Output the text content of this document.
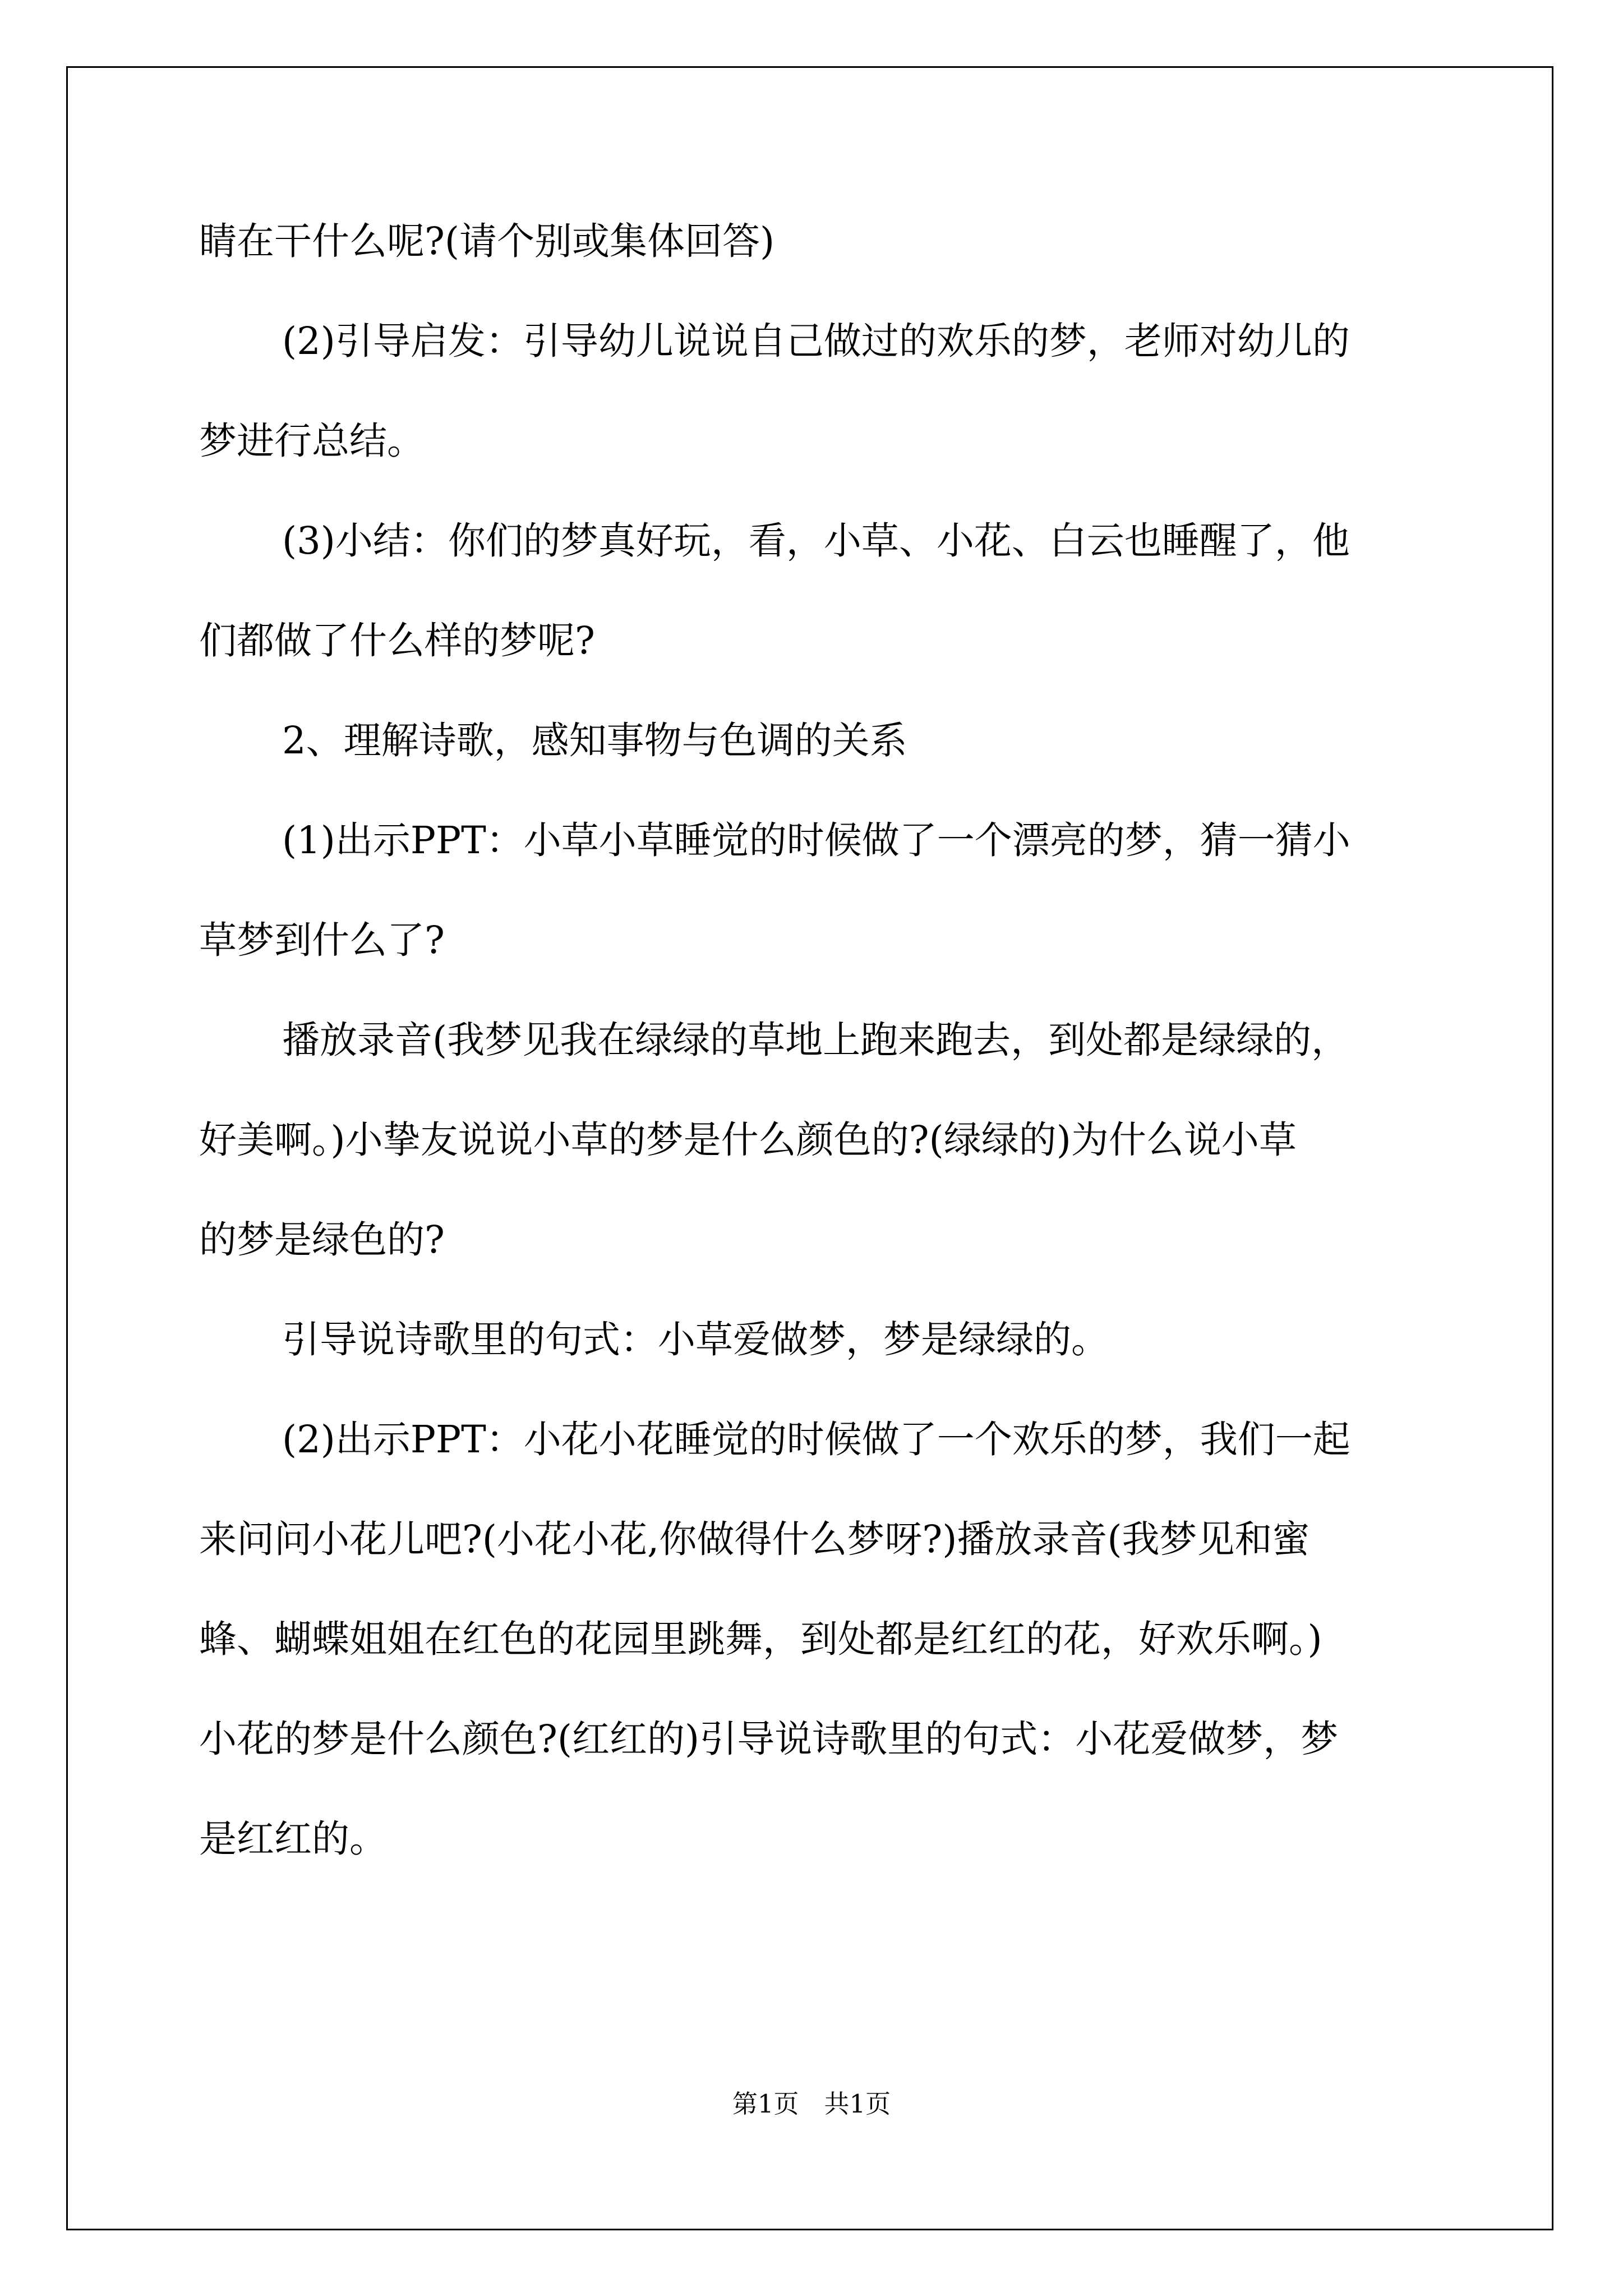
睛在干什么呢?(请个别或集体回答)
(2)引导启发：引导幼儿说说自己做过的欢乐的梦，老师对幼儿的
梦进行总结。
(3)小结：你们的梦真好玩，看，小草、小花、白云也睡醒了，他
们都做了什么样的梦呢?
2、理解诗歌，感知事物与色调的关系
(1)出示PPT：小草小草睡觉的时候做了一个漂亮的梦，猜一猜小
草梦到什么了?
播放录音(我梦见我在绿绿的草地上跑来跑去，到处都是绿绿的，
好美啊。)小挚友说说小草的梦是什么颜色的?(绿绿的)为什么说小草
的梦是绿色的?
引导说诗歌里的句式：小草爱做梦，梦是绿绿的。
(2)出示PPT：小花小花睡觉的时候做了一个欢乐的梦，我们一起
来问问小花儿吧?(小花小花,你做得什么梦呀?)播放录音(我梦见和蜜
蜂、蝴蝶姐姐在红色的花园里跳舞，到处都是红红的花，好欢乐啊。)
小花的梦是什么颜色?(红红的)引导说诗歌里的句式：小花爱做梦，梦
是红红的。
第1页　共1页
